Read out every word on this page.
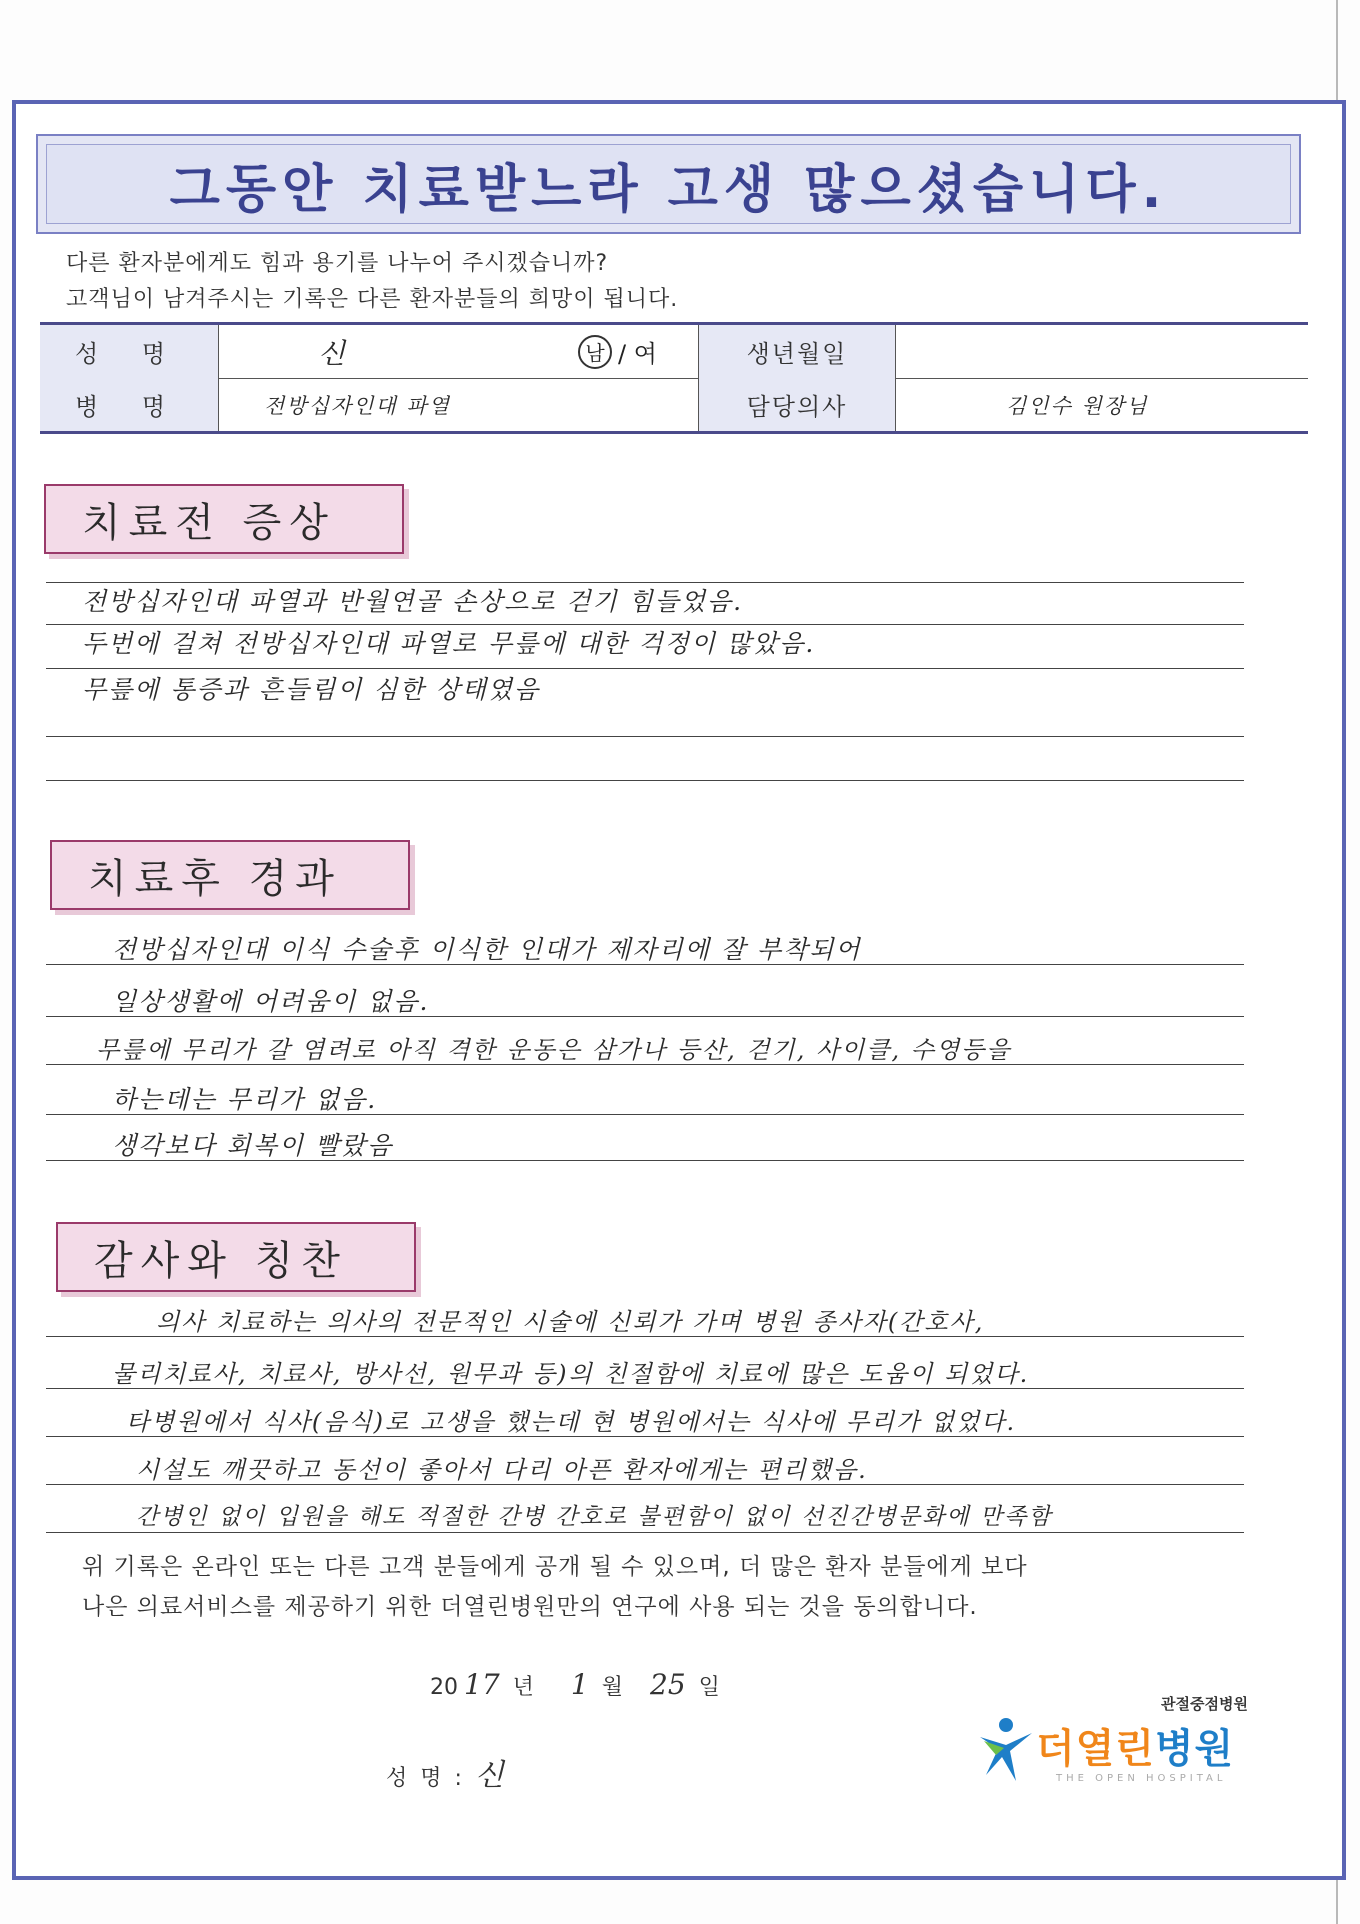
그동안 치료받느라 고생 많으셨습니다.
다른 환자분에게도 힘과 용기를 나누어 주시겠습니까?
고객님이 남겨주시는 기록은 다른 환자분들의 희망이 됩니다.
성 명	신	남 / 여	생년월일
병 명	전방십자인대 파열	담당의사	김인수 원장님
치료전 증상
전방십자인대 파열과 반월연골 손상으로 걷기 힘들었음.
두번에 걸쳐 전방십자인대 파열로 무릎에 대한 걱정이 많았음.
무릎에 통증과 흔들림이 심한 상태였음
치료후 경과
전방십자인대 이식 수술후 이식한 인대가 제자리에 잘 부착되어
일상생활에 어려움이 없음.
무릎에 무리가 갈 염려로 아직 격한 운동은 삼가나 등산, 걷기, 사이클, 수영등을
하는데는 무리가 없음.
생각보다 회복이 빨랐음
감사와 칭찬
의사 치료하는 의사의 전문적인 시술에 신뢰가 가며 병원 종사자(간호사,
물리치료사, 치료사, 방사선, 원무과 등)의 친절함에 치료에 많은 도움이 되었다.
타병원에서 식사(음식)로 고생을 했는데 현 병원에서는 식사에 무리가 없었다.
시설도 깨끗하고 동선이 좋아서 다리 아픈 환자에게는 편리했음.
간병인 없이 입원을 해도 적절한 간병 간호로 불편함이 없이 선진간병문화에 만족함
위 기록은 온라인 또는 다른 고객 분들에게 공개 될 수 있으며, 더 많은 환자 분들에게 보다
나은 의료서비스를 제공하기 위한 더열린병원만의 연구에 사용 되는 것을 동의합니다.
20 17 년 1 월 25 일
성 명 : 신
관절중점병원
더열린병원
THE OPEN HOSPITAL
